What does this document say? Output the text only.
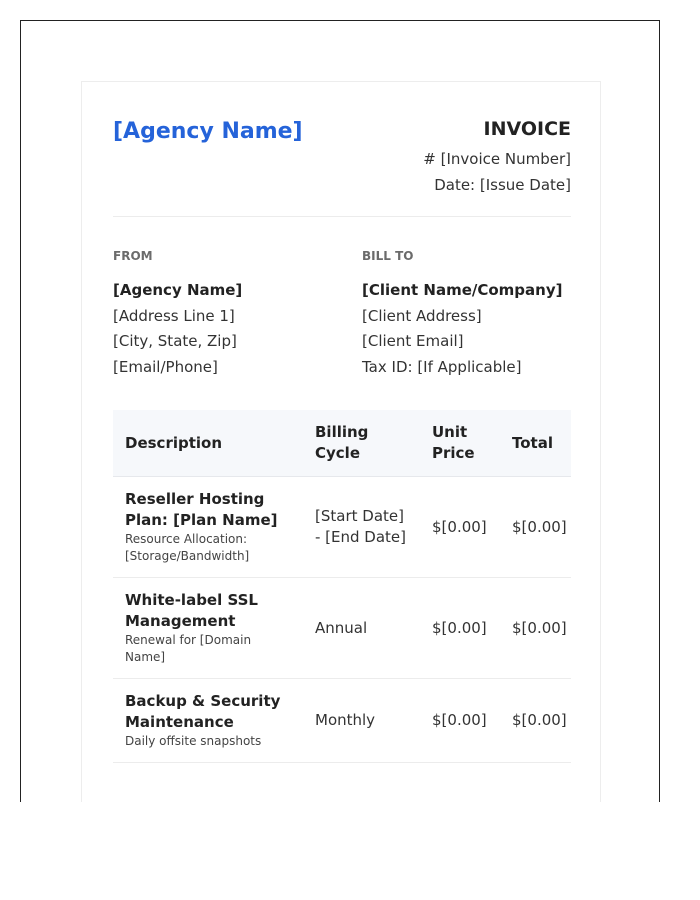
[Agency Name]	INVOICE
# [Invoice Number]
Date: [Issue Date]
FROM
[Agency Name]
[Address Line 1]
[City, State, Zip]
[Email/Phone]
BILL TO
[Client Name/Company]
[Client Address]
[Client Email]
Tax ID: [If Applicable]
Description	Billing Cycle	Unit Price	Total

Reseller Hosting Plan: [Plan Name]
Resource Allocation: [Storage/Bandwidth]	[Start Date] - [End Date]	$[0.00]	$[0.00]

White-label SSL Management
Renewal for [Domain Name]	Annual	$[0.00]	$[0.00]

Backup & Security Maintenance
Daily offsite snapshots	Monthly	$[0.00]	$[0.00]
